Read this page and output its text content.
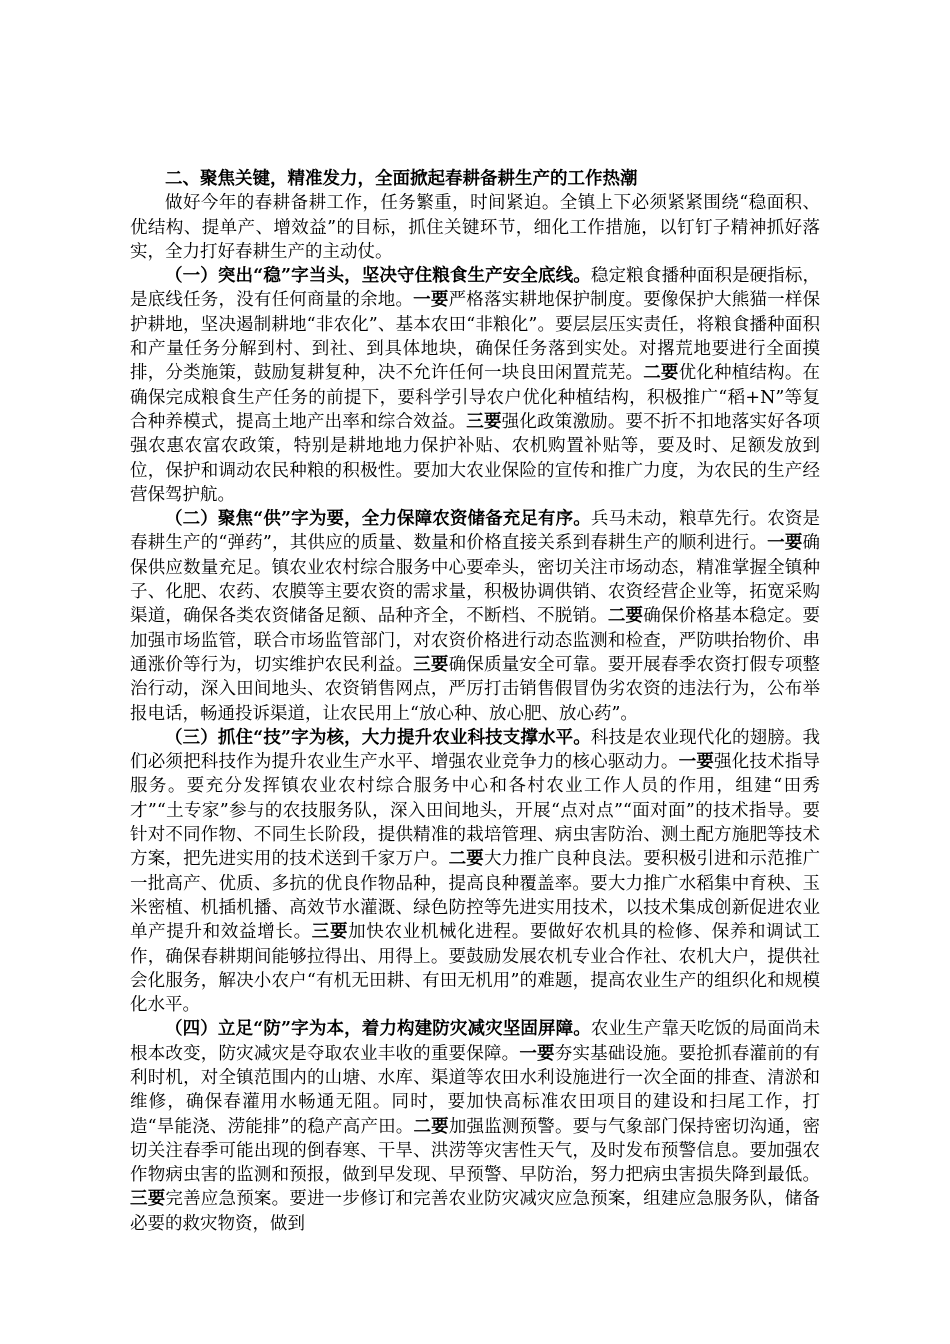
二、聚焦关键，精准发力，全面掀起春耕备耕生产的工作热潮

做好今年的春耕备耕工作，任务繁重，时间紧迫。全镇上下必须紧紧围绕“稳面积、优结构、提单产、增效益”的目标，抓住关键环节，细化工作措施，以钉钉子精神抓好落实，全力打好春耕生产的主动仗。

（一）突出“稳”字当头，坚决守住粮食生产安全底线。稳定粮食播种面积是硬指标，是底线任务，没有任何商量的余地。一要严格落实耕地保护制度。要像保护大熊猫一样保护耕地，坚决遏制耕地“非农化”、基本农田“非粮化”。要层层压实责任，将粮食播种面积和产量任务分解到村、到社、到具体地块，确保任务落到实处。对撂荒地要进行全面摸排，分类施策，鼓励复耕复种，决不允许任何一块良田闲置荒芜。二要优化种植结构。在确保完成粮食生产任务的前提下，要科学引导农户优化种植结构，积极推广“稻+N”等复合种养模式，提高土地产出率和综合效益。三要强化政策激励。要不折不扣地落实好各项强农惠农富农政策，特别是耕地地力保护补贴、农机购置补贴等，要及时、足额发放到位，保护和调动农民种粮的积极性。要加大农业保险的宣传和推广力度，为农民的生产经营保驾护航。

（二）聚焦“供”字为要，全力保障农资储备充足有序。兵马未动，粮草先行。农资是春耕生产的“弹药”，其供应的质量、数量和价格直接关系到春耕生产的顺利进行。一要确保供应数量充足。镇农业农村综合服务中心要牵头，密切关注市场动态，精准掌握全镇种子、化肥、农药、农膜等主要农资的需求量，积极协调供销、农资经营企业等，拓宽采购渠道，确保各类农资储备足额、品种齐全，不断档、不脱销。二要确保价格基本稳定。要加强市场监管，联合市场监管部门，对农资价格进行动态监测和检查，严防哄抬物价、串通涨价等行为，切实维护农民利益。三要确保质量安全可靠。要开展春季农资打假专项整治行动，深入田间地头、农资销售网点，严厉打击销售假冒伪劣农资的违法行为，公布举报电话，畅通投诉渠道，让农民用上“放心种、放心肥、放心药”。

（三）抓住“技”字为核，大力提升农业科技支撑水平。科技是农业现代化的翅膀。我们必须把科技作为提升农业生产水平、增强农业竞争力的核心驱动力。一要强化技术指导服务。要充分发挥镇农业农村综合服务中心和各村农业工作人员的作用，组建“田秀才”“土专家”参与的农技服务队，深入田间地头，开展“点对点”“面对面”的技术指导。要针对不同作物、不同生长阶段，提供精准的栽培管理、病虫害防治、测土配方施肥等技术方案，把先进实用的技术送到千家万户。二要大力推广良种良法。要积极引进和示范推广一批高产、优质、多抗的优良作物品种，提高良种覆盖率。要大力推广水稻集中育秧、玉米密植、机插机播、高效节水灌溉、绿色防控等先进实用技术，以技术集成创新促进农业单产提升和效益增长。三要加快农业机械化进程。要做好农机具的检修、保养和调试工作，确保春耕期间能够拉得出、用得上。要鼓励发展农机专业合作社、农机大户，提供社会化服务，解决小农户“有机无田耕、有田无机用”的难题，提高农业生产的组织化和规模化水平。

（四）立足“防”字为本，着力构建防灾减灾坚固屏障。农业生产靠天吃饭的局面尚未根本改变，防灾减灾是夺取农业丰收的重要保障。一要夯实基础设施。要抢抓春灌前的有利时机，对全镇范围内的山塘、水库、渠道等农田水利设施进行一次全面的排查、清淤和维修，确保春灌用水畅通无阻。同时，要加快高标准农田项目的建设和扫尾工作，打造“旱能浇、涝能排”的稳产高产田。二要加强监测预警。要与气象部门保持密切沟通，密切关注春季可能出现的倒春寒、干旱、洪涝等灾害性天气，及时发布预警信息。要加强农作物病虫害的监测和预报，做到早发现、早预警、早防治，努力把病虫害损失降到最低。三要完善应急预案。要进一步修订和完善农业防灾减灾应急预案，组建应急服务队，储备必要的救灾物资，做到
